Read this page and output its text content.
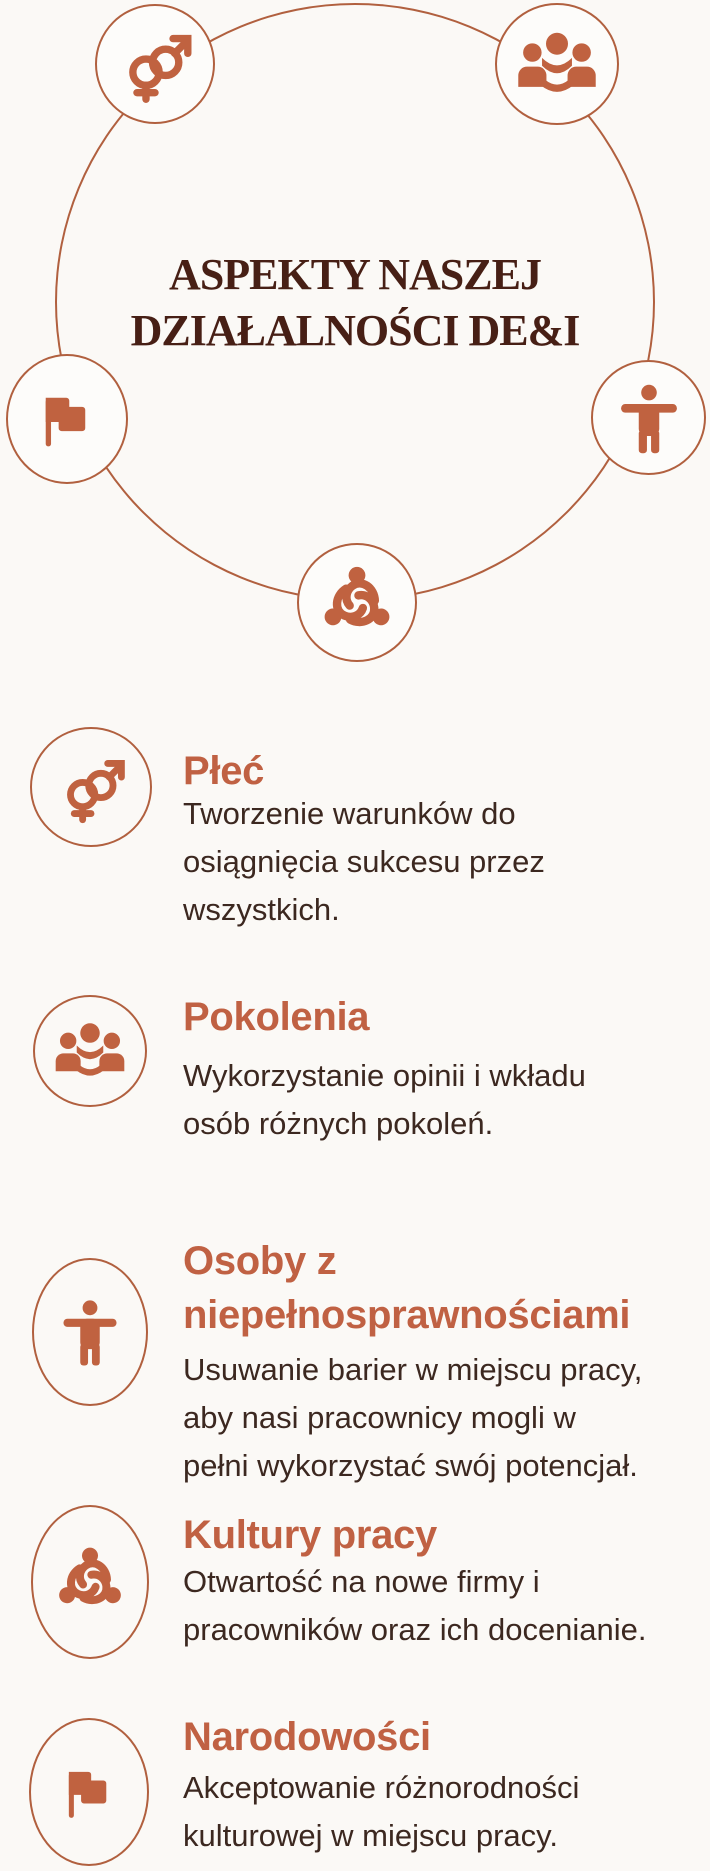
ASPEKTY NASZEJ
DZIAŁALNOŚCI DE&I
Płeć
Tworzenie warunków do
osiągnięcia sukcesu przez
wszystkich.
Pokolenia
Wykorzystanie opinii i wkładu
osób różnych pokoleń.
Osoby z
niepełnosprawnościami
Usuwanie barier w miejscu pracy,
aby nasi pracownicy mogli w
pełni wykorzystać swój potencjał.
Kultury pracy
Otwartość na nowe firmy i
pracowników oraz ich docenianie.
Narodowości
Akceptowanie różnorodności
kulturowej w miejscu pracy.
